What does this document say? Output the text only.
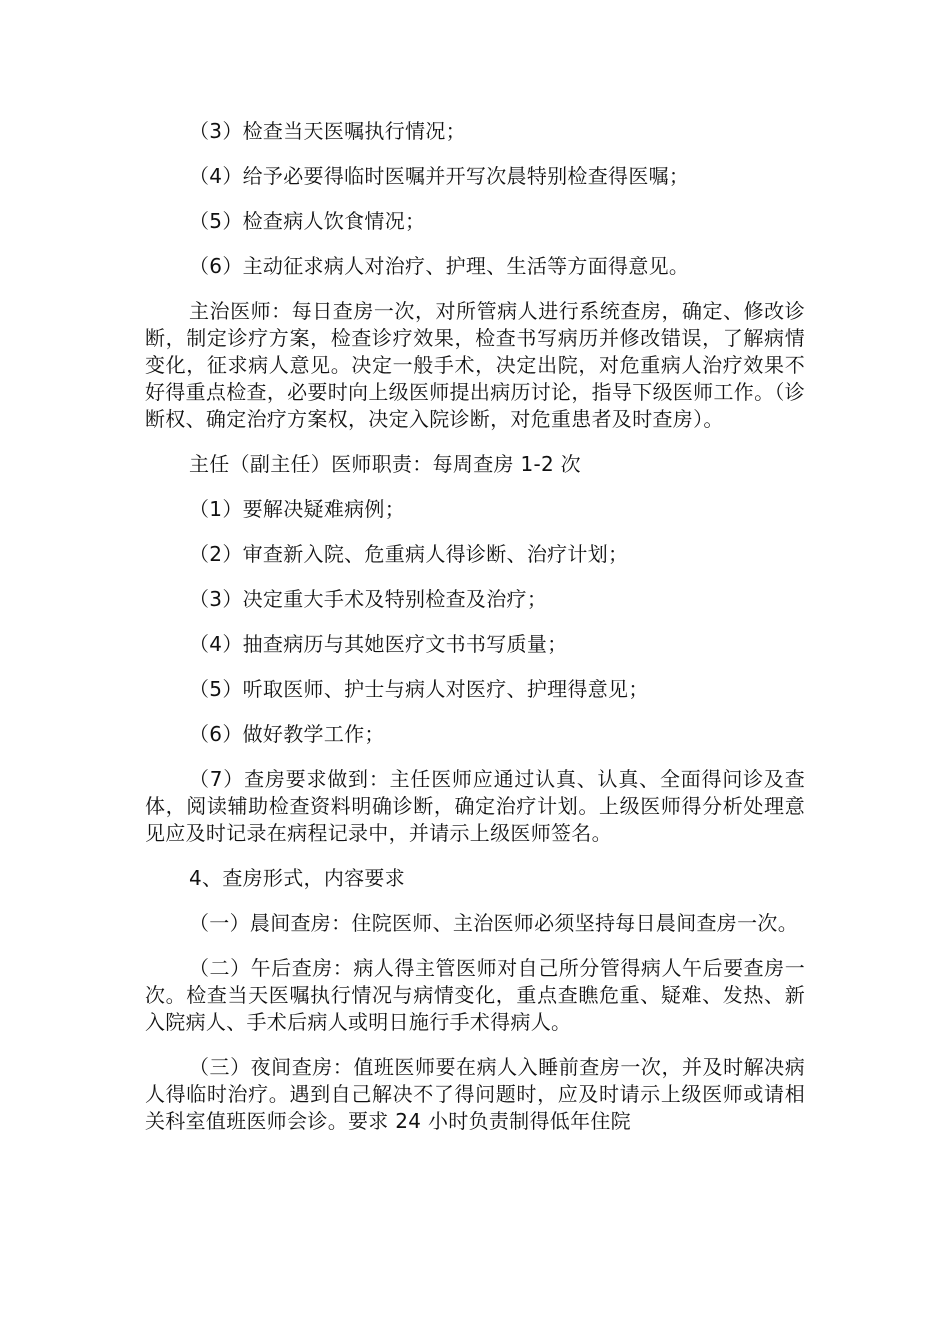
（3）检查当天医嘱执行情况；

（4）给予必要得临时医嘱并开写次晨特别检查得医嘱；

（5）检查病人饮食情况；

（6）主动征求病人对治疗、护理、生活等方面得意见。

主治医师：每日查房一次，对所管病人进行系统查房，确定、修改诊断，制定诊疗方案，检查诊疗效果，检查书写病历并修改错误，了解病情变化，征求病人意见。决定一般手术，决定出院，对危重病人治疗效果不好得重点检查，必要时向上级医师提出病历讨论，指导下级医师工作。（诊断权、确定治疗方案权，决定入院诊断，对危重患者及时查房）。

主任（副主任）医师职责：每周查房 1-2 次

（1）要解决疑难病例；

（2）审查新入院、危重病人得诊断、治疗计划；

（3）决定重大手术及特别检查及治疗；

（4）抽查病历与其她医疗文书书写质量；

（5）听取医师、护士与病人对医疗、护理得意见；

（6）做好教学工作；

（7）查房要求做到：主任医师应通过认真、认真、全面得问诊及查体，阅读辅助检查资料明确诊断，确定治疗计划。上级医师得分析处理意见应及时记录在病程记录中，并请示上级医师签名。

4、查房形式，内容要求

（一）晨间查房：住院医师、主治医师必须坚持每日晨间查房一次。

（二）午后查房：病人得主管医师对自己所分管得病人午后要查房一次。检查当天医嘱执行情况与病情变化，重点查瞧危重、疑难、发热、新入院病人、手术后病人或明日施行手术得病人。

（三）夜间查房：值班医师要在病人入睡前查房一次，并及时解决病人得临时治疗。遇到自己解决不了得问题时，应及时请示上级医师或请相关科室值班医师会诊。要求 24 小时负责制得低年住院
